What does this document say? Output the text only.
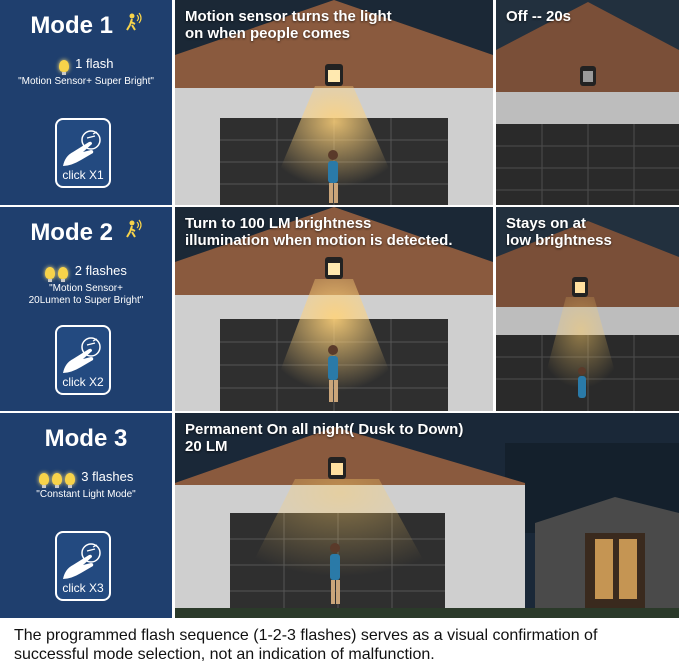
Mode 1
1 flash
"Motion Sensor+ Super Bright"
click X1
Motion sensor turns the light
on when people comes
Off -- 20s
Mode 2
2 flashes
"Motion Sensor+
20Lumen to Super Bright"
click X2
Turn to 100 LM brightness
illumination when motion is detected.
Stays on at
low brightness
Mode 3
3 flashes
"Constant Light Mode"
click X3
Permanent On all night( Dusk to Down)
20 LM
The programmed flash sequence (1-2-3 flashes) serves as a visual confirmation of successful mode selection, not an indication of malfunction.
